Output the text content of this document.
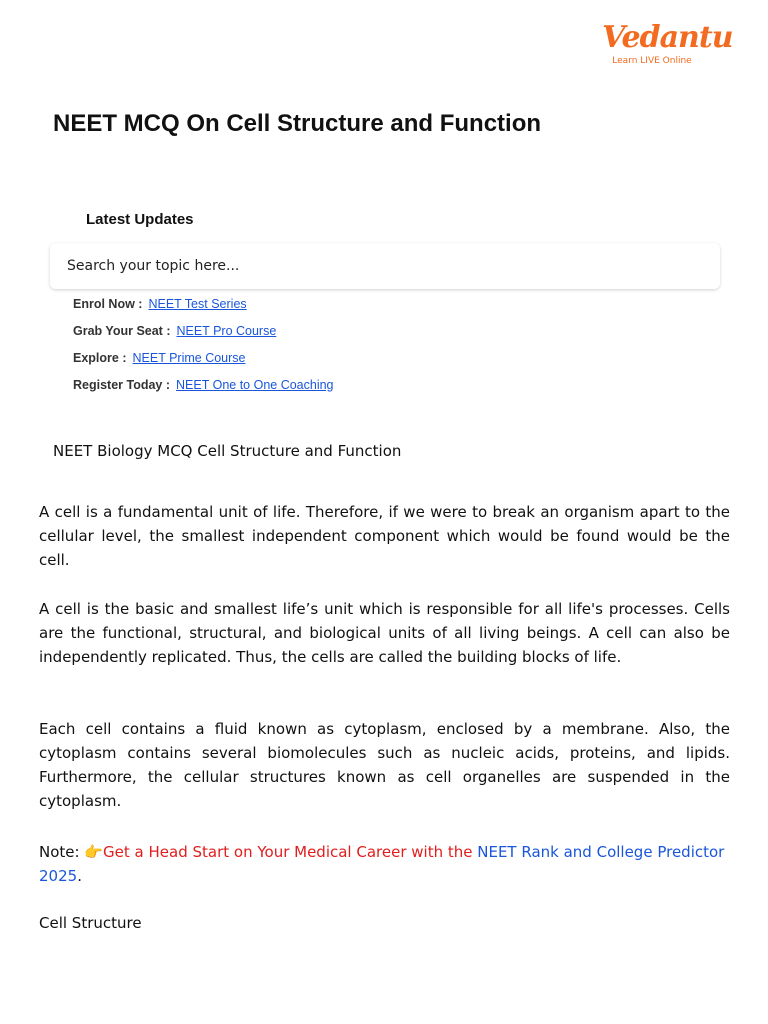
Vedantu
Learn LIVE Online
NEET MCQ On Cell Structure and Function
Latest Updates
Search your topic here...
Enrol Now : NEET Test Series
Grab Your Seat : NEET Pro Course
Explore : NEET Prime Course
Register Today : NEET One to One Coaching
NEET Biology MCQ Cell Structure and Function

A cell is a fundamental unit of life. Therefore, if we were to break an organism apart to the cellular level, the smallest independent component which would be found would be the cell.

A cell is the basic and smallest life’s unit which is responsible for all life's processes. Cells are the functional, structural, and biological units of all living beings. A cell can also be independently replicated. Thus, the cells are called the building blocks of life.

Each cell contains a fluid known as cytoplasm, enclosed by a membrane. Also, the cytoplasm contains several biomolecules such as nucleic acids, proteins, and lipids. Furthermore, the cellular structures known as cell organelles are suspended in the cytoplasm.

Note: 👉Get a Head Start on Your Medical Career with the NEET Rank and College Predictor 2025.
Cell Structure
